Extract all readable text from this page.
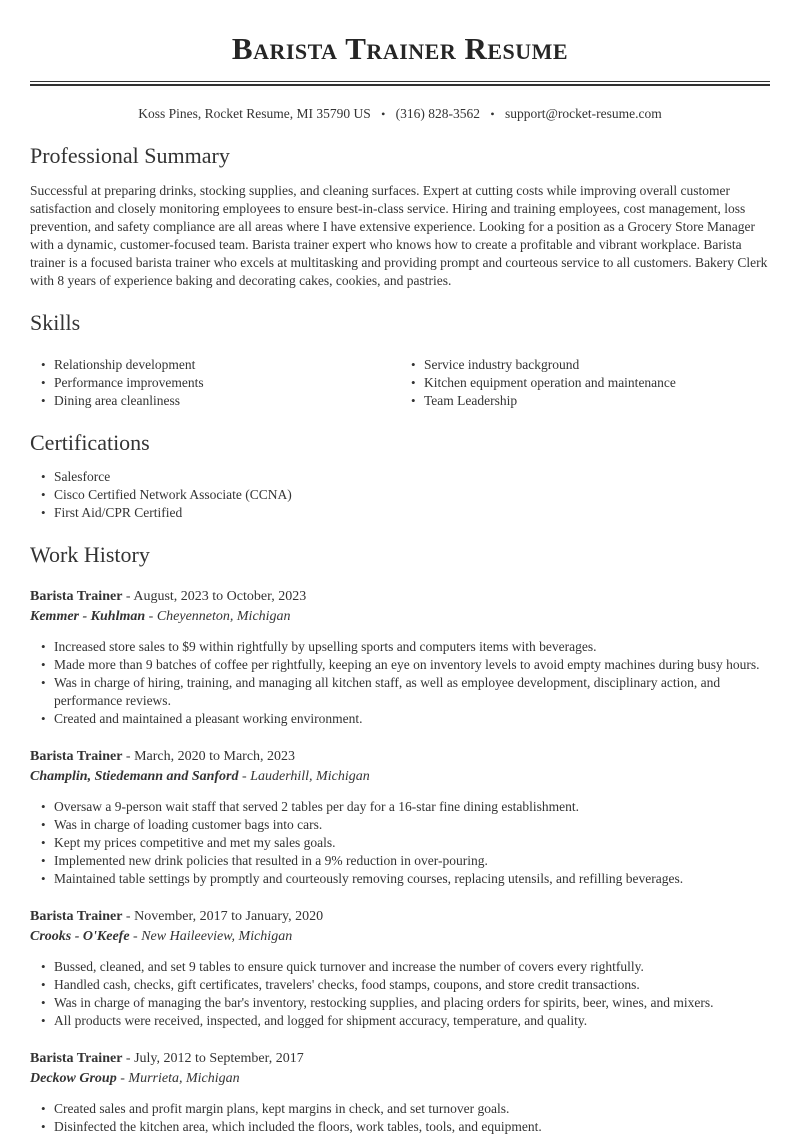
Barista Trainer Resume
Koss Pines, Rocket Resume, MI 35790 US • (316) 828-3562 • support@rocket-resume.com
Professional Summary

Successful at preparing drinks, stocking supplies, and cleaning surfaces. Expert at cutting costs while improving overall customer satisfaction and closely monitoring employees to ensure best-in-class service. Hiring and training employees, cost management, loss prevention, and safety compliance are all areas where I have extensive experience. Looking for a position as a Grocery Store Manager with a dynamic, customer-focused team. Barista trainer expert who knows how to create a profitable and vibrant workplace. Barista trainer is a focused barista trainer who excels at multitasking and providing prompt and courteous service to all customers. Bakery Clerk with 8 years of experience baking and decorating cakes, cookies, and pastries.

Skills
• Relationship development
• Performance improvements
• Dining area cleanliness
• Service industry background
• Kitchen equipment operation and maintenance
• Team Leadership
Certifications
• Salesforce
• Cisco Certified Network Associate (CCNA)
• First Aid/CPR Certified
Work History
Barista Trainer - August, 2023 to October, 2023
Kemmer - Kuhlman - Cheyenneton, Michigan
• Increased store sales to $9 within rightfully by upselling sports and computers items with beverages.
• Made more than 9 batches of coffee per rightfully, keeping an eye on inventory levels to avoid empty machines during busy hours.
• Was in charge of hiring, training, and managing all kitchen staff, as well as employee development, disciplinary action, and performance reviews.
• Created and maintained a pleasant working environment.
Barista Trainer - March, 2020 to March, 2023
Champlin, Stiedemann and Sanford - Lauderhill, Michigan
• Oversaw a 9-person wait staff that served 2 tables per day for a 16-star fine dining establishment.
• Was in charge of loading customer bags into cars.
• Kept my prices competitive and met my sales goals.
• Implemented new drink policies that resulted in a 9% reduction in over-pouring.
• Maintained table settings by promptly and courteously removing courses, replacing utensils, and refilling beverages.
Barista Trainer - November, 2017 to January, 2020
Crooks - O'Keefe - New Haileeview, Michigan
• Bussed, cleaned, and set 9 tables to ensure quick turnover and increase the number of covers every rightfully.
• Handled cash, checks, gift certificates, travelers' checks, food stamps, coupons, and store credit transactions.
• Was in charge of managing the bar's inventory, restocking supplies, and placing orders for spirits, beer, wines, and mixers.
• All products were received, inspected, and logged for shipment accuracy, temperature, and quality.
Barista Trainer - July, 2012 to September, 2017
Deckow Group - Murrieta, Michigan
• Created sales and profit margin plans, kept margins in check, and set turnover goals.
• Disinfected the kitchen area, which included the floors, work tables, tools, and equipment.
